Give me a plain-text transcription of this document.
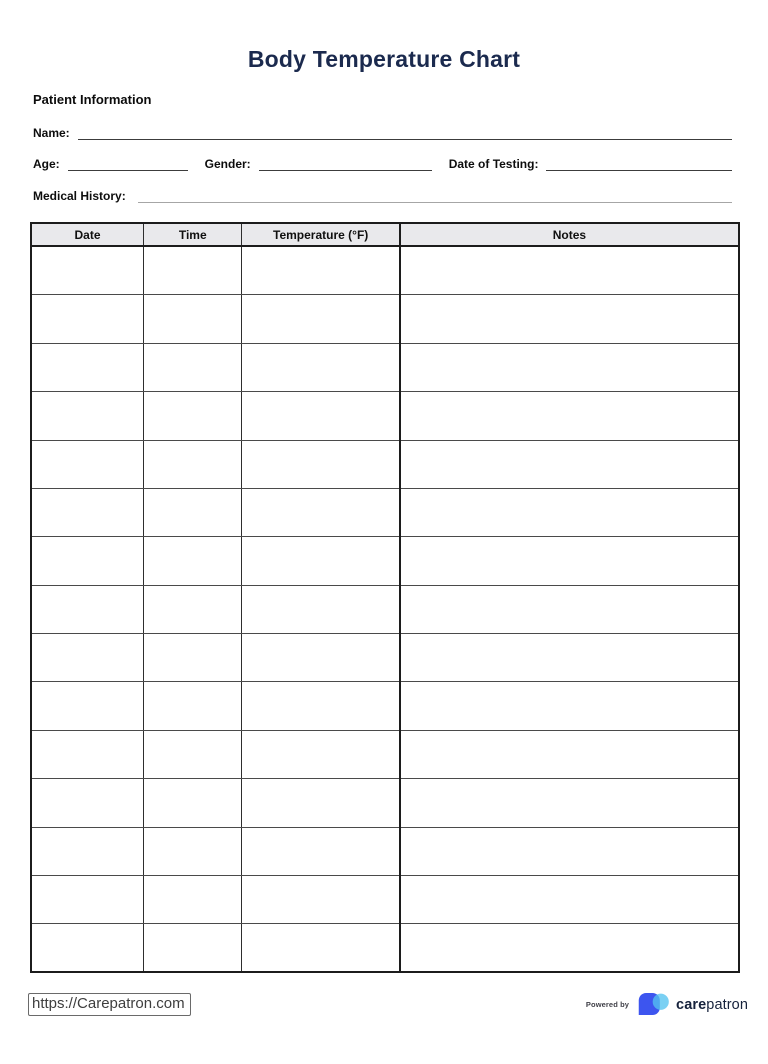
Body Temperature Chart
Patient Information
Name:
Age:	Gender:	Date of Testing:
Medical History:
Date	Time	Temperature (°F)	Notes

https://Carepatron.com	Powered by	carepatron
